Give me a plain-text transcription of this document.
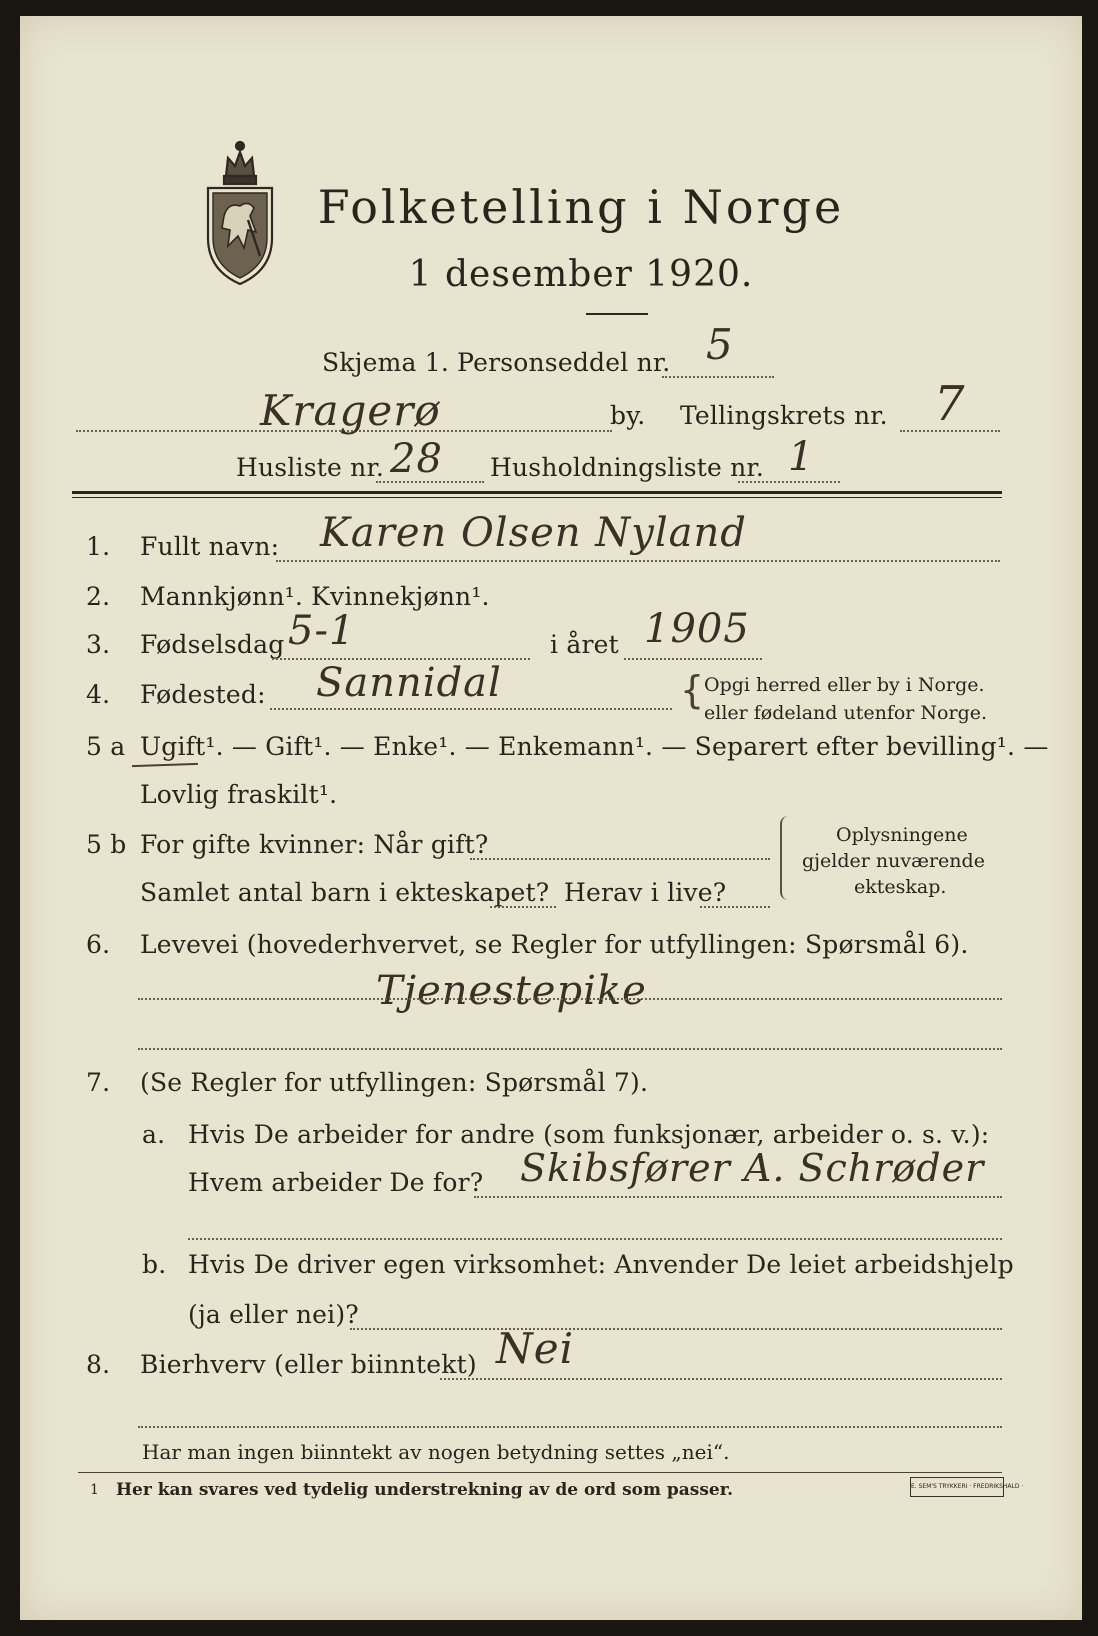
Folketelling i Norge
1 desember 1920.
Skjema 1. Personseddel nr. 5
Kragerø	by. Tellingskrets nr. 7
Husliste nr. 28 Husholdningsliste nr. 1
1. Fullt navn: Karen Olsen Nyland
2. Mannkjønn¹. Kvinnekjønn¹.
3. Fødselsdag 5-1	i året 1905
4. Fødested: Sannidal	{ Opgi herred eller by i Norge.
eller fødeland utenfor Norge.
5 a Ugift¹. — Gift¹. — Enke¹. — Enkemann¹. — Separert efter bevilling¹. —
Lovlig fraskilt¹.
5 b For gifte kvinner: Når gift?
Samlet antal barn i ekteskapet? Herav i live?
Oplysningene
gjelder nuværende
ekteskap.
6. Levevei (hovederhvervet, se Regler for utfyllingen: Spørsmål 6).
Tjenestepike
7. (Se Regler for utfyllingen: Spørsmål 7).
a. Hvis De arbeider for andre (som funksjonær, arbeider o. s. v.):
Hvem arbeider De for? Skibsfører A. Schrøder
b. Hvis De driver egen virksomhet: Anvender De leiet arbeidshjelp
(ja eller nei)?
8. Bierhverv (eller biinntekt) Nei
Har man ingen biinntekt av nogen betydning settes „nei“.
1 Her kan svares ved tydelig understrekning av de ord som passer.	E. SEM'S TRYKKERI · FREDRIKSHALD ·
